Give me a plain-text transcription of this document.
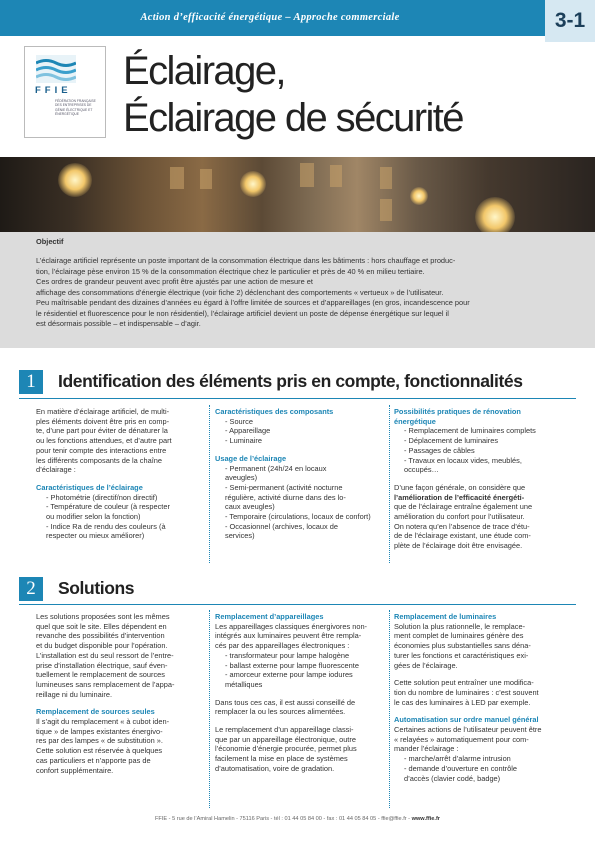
Action d’efficacité énergétique – Approche commerciale	3-1
FFIE
FÉDÉRATION FRANÇAISE DES ENTREPRISES DE GÉNIE ÉLECTRIQUE ET ÉNERGÉTIQUE
Éclairage,
Éclairage de sécurité
Objectif

L’éclairage artificiel représente un poste important de la consommation électrique dans les bâtiments : hors chauffage et produc-

tion, l’éclairage pèse environ 15 % de la consommation électrique chez le particulier et près de 40 % en milieu tertiaire.

Ces ordres de grandeur peuvent avec profit être ajustés par une action de mesure et

affichage des consommations d’énergie électrique (voir fiche 2) déclenchant des comportements « vertueux » de l’utilisateur.

Peu maîtrisable pendant des dizaines d’années eu égard à l’offre limitée de sources et d’appareillages (en gros, incandescence pour

le résidentiel et fluorescence pour le non résidentiel), l’éclairage artificiel devient un poste de dépense énergétique sur lequel il

est désormais possible – et indispensable – d’agir.

1	Identification des éléments pris en compte, fonctionnalités

En matière d’éclairage artificiel, de multi-

ples éléments doivent être pris en comp-

te, d’une part pour éviter de dénaturer la

ou les fonctions attendues, et d’autre part

pour tenir compte des interactions entre

les différents composants de la chaîne

d’éclairage :

Caractéristiques de l’éclairage

- Photométrie (directif/non directif)

- Température de couleur (à respecter

ou modifier selon la fonction)

- Indice Ra de rendu des couleurs (à

respecter ou mieux améliorer)

Caractéristiques des composants

- Source

- Appareillage

- Luminaire

Usage de l’éclairage

- Permanent (24h/24 en locaux

aveugles)

- Semi-permanent (activité nocturne

régulière, activité diurne dans des lo-

caux aveugles)

- Temporaire (circulations, locaux de confort)

- Occasionnel (archives, locaux de

services)

Possibilités pratiques de rénovation

énergétique

- Remplacement de luminaires complets

- Déplacement de luminaires

- Passages de câbles

- Travaux en locaux vides, meublés,

occupés…

D’une façon générale, on considère que

l’amélioration de l’efficacité énergéti-

que de l’éclairage entraîne également une

amélioration du confort pour l’utilisateur.

On notera qu’en l’absence de trace d’étu-

de de l’éclairage existant, une étude com-

plète de l’éclairage doit être envisagée.

2	Solutions

Les solutions proposées sont les mêmes

quel que soit le site. Elles dépendent en

revanche des possibilités d’intervention

et du budget disponible pour l’opération.

L’installation est du seul ressort de l’entre-

prise d’installation électrique, sauf éven-

tuellement le remplacement de sources

lumineuses sans remplacement de l’appa-

reillage ni du luminaire.

Remplacement de sources seules

Il s’agit du remplacement « à cubot iden-

tique » de lampes existantes énergivo-

res par des lampes « de substitution ».

Cette solution est réservée à quelques

cas particuliers et n’apporte pas de

confort supplémentaire.

Remplacement d’appareillages

Les appareillages classiques énergivores non-

intégrés aux luminaires peuvent être rempla-

cés par des appareillages électroniques :

- transformateur pour lampe halogène

- ballast externe pour lampe fluorescente

- amorceur externe pour lampe iodures

métalliques

Dans tous ces cas, il est aussi conseillé de

remplacer la ou les sources alimentées.

Le remplacement d’un appareillage classi-

que par un appareillage électronique, outre

l’économie d’énergie procurée, permet plus

facilement la mise en place de systèmes

d’automatisation, voire de gradation.

Remplacement de luminaires

Solution la plus rationnelle, le remplace-

ment complet de luminaires génère des

économies plus substantielles sans déna-

turer les fonctions et caractéristiques exi-

gées de l’éclairage.

Cette solution peut entraîner une modifica-

tion du nombre de luminaires : c’est souvent

le cas des luminaires à LED par exemple.

Automatisation sur ordre manuel général

Certaines actions de l’utilisateur peuvent être

« relayées » automatiquement pour com-

mander l’éclairage :

- marche/arrêt d’alarme intrusion

- demande d’ouverture en contrôle

d’accès (clavier codé, badge)

FFIE - 5 rue de l’Amiral Hamelin - 75116 Paris - tél : 01 44 05 84 00 - fax : 01 44 05 84 05 - ffie@ffie.fr - www.ffie.fr
